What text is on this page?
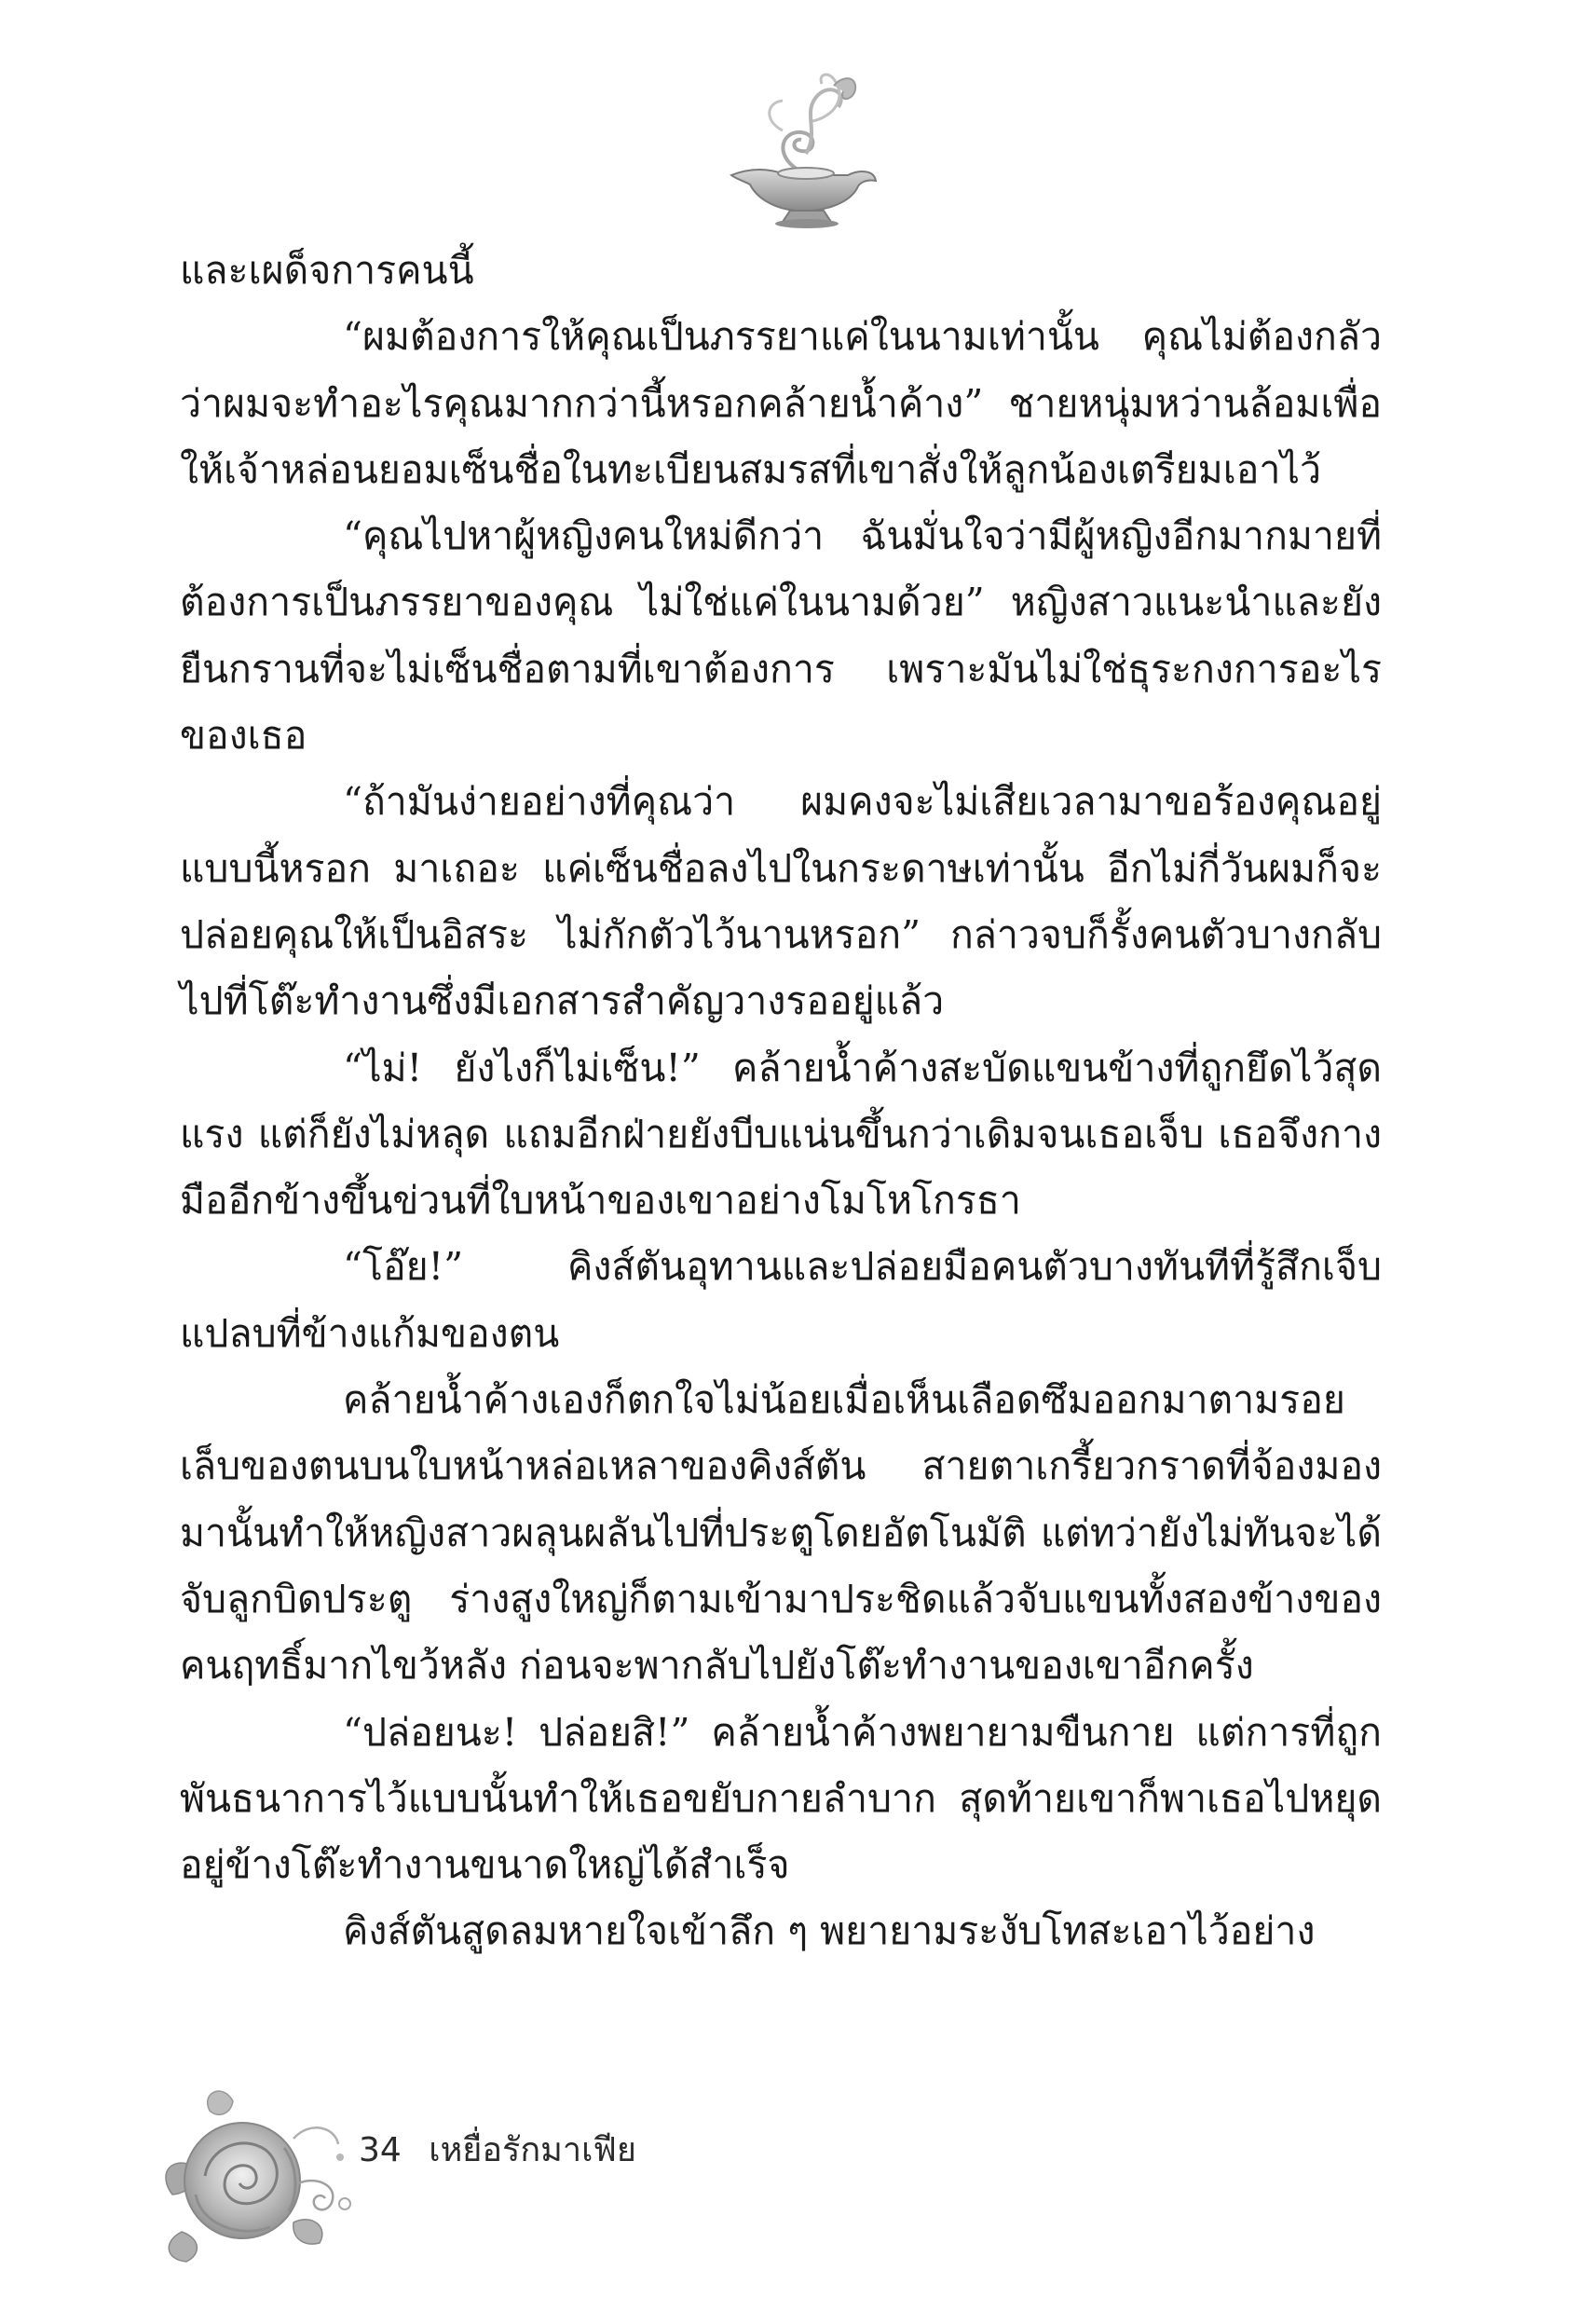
และเผด็จการคนนี้

“ผมต้องการให้คุณเป็นภรรยาแค่ในนามเท่านั้น คุณไม่ต้องกลัวว่าผมจะทำอะไรคุณมากกว่านี้หรอกคล้ายน้ำค้าง” ชายหนุ่มหว่านล้อมเพื่อให้เจ้าหล่อนยอมเซ็นชื่อในทะเบียนสมรสที่เขาสั่งให้ลูกน้องเตรียมเอาไว้

“คุณไปหาผู้หญิงคนใหม่ดีกว่า ฉันมั่นใจว่ามีผู้หญิงอีกมากมายที่ต้องการเป็นภรรยาของคุณ ไม่ใช่แค่ในนามด้วย” หญิงสาวแนะนำและยังยืนกรานที่จะไม่เซ็นชื่อตามที่เขาต้องการ เพราะมันไม่ใช่ธุระกงการอะไรของเธอ

“ถ้ามันง่ายอย่างที่คุณว่า ผมคงจะไม่เสียเวลามาขอร้องคุณอยู่แบบนี้หรอก มาเถอะ แค่เซ็นชื่อลงไปในกระดาษเท่านั้น อีกไม่กี่วันผมก็จะปล่อยคุณให้เป็นอิสระ ไม่กักตัวไว้นานหรอก” กล่าวจบก็รั้งคนตัวบางกลับไปที่โต๊ะทำงานซึ่งมีเอกสารสำคัญวางรออยู่แล้ว

“ไม่! ยังไงก็ไม่เซ็น!” คล้ายน้ำค้างสะบัดแขนข้างที่ถูกยึดไว้สุดแรง แต่ก็ยังไม่หลุด แถมอีกฝ่ายยังบีบแน่นขึ้นกว่าเดิมจนเธอเจ็บ เธอจึงกางมืออีกข้างขึ้นข่วนที่ใบหน้าของเขาอย่างโมโหโกรธา

“โอ๊ย!” คิงส์ตันอุทานและปล่อยมือคนตัวบางทันทีที่รู้สึกเจ็บแปลบที่ข้างแก้มของตน

คล้ายน้ำค้างเองก็ตกใจไม่น้อยเมื่อเห็นเลือดซึมออกมาตามรอยเล็บของตนบนใบหน้าหล่อเหลาของคิงส์ตัน สายตาเกรี้ยวกราดที่จ้องมองมานั้นทำให้หญิงสาวผลุนผลันไปที่ประตูโดยอัตโนมัติ แต่ทว่ายังไม่ทันจะได้จับลูกบิดประตู ร่างสูงใหญ่ก็ตามเข้ามาประชิดแล้วจับแขนทั้งสองข้างของคนฤทธิ์มากไขว้หลัง ก่อนจะพากลับไปยังโต๊ะทำงานของเขาอีกครั้ง

“ปล่อยนะ! ปล่อยสิ!” คล้ายน้ำค้างพยายามขืนกาย แต่การที่ถูกพันธนาการไว้แบบนั้นทำให้เธอขยับกายลำบาก สุดท้ายเขาก็พาเธอไปหยุดอยู่ข้างโต๊ะทำงานขนาดใหญ่ได้สำเร็จ

คิงส์ตันสูดลมหายใจเข้าลึก ๆ พยายามระงับโทสะเอาไว้อย่าง

34 เหยื่อรักมาเฟีย
